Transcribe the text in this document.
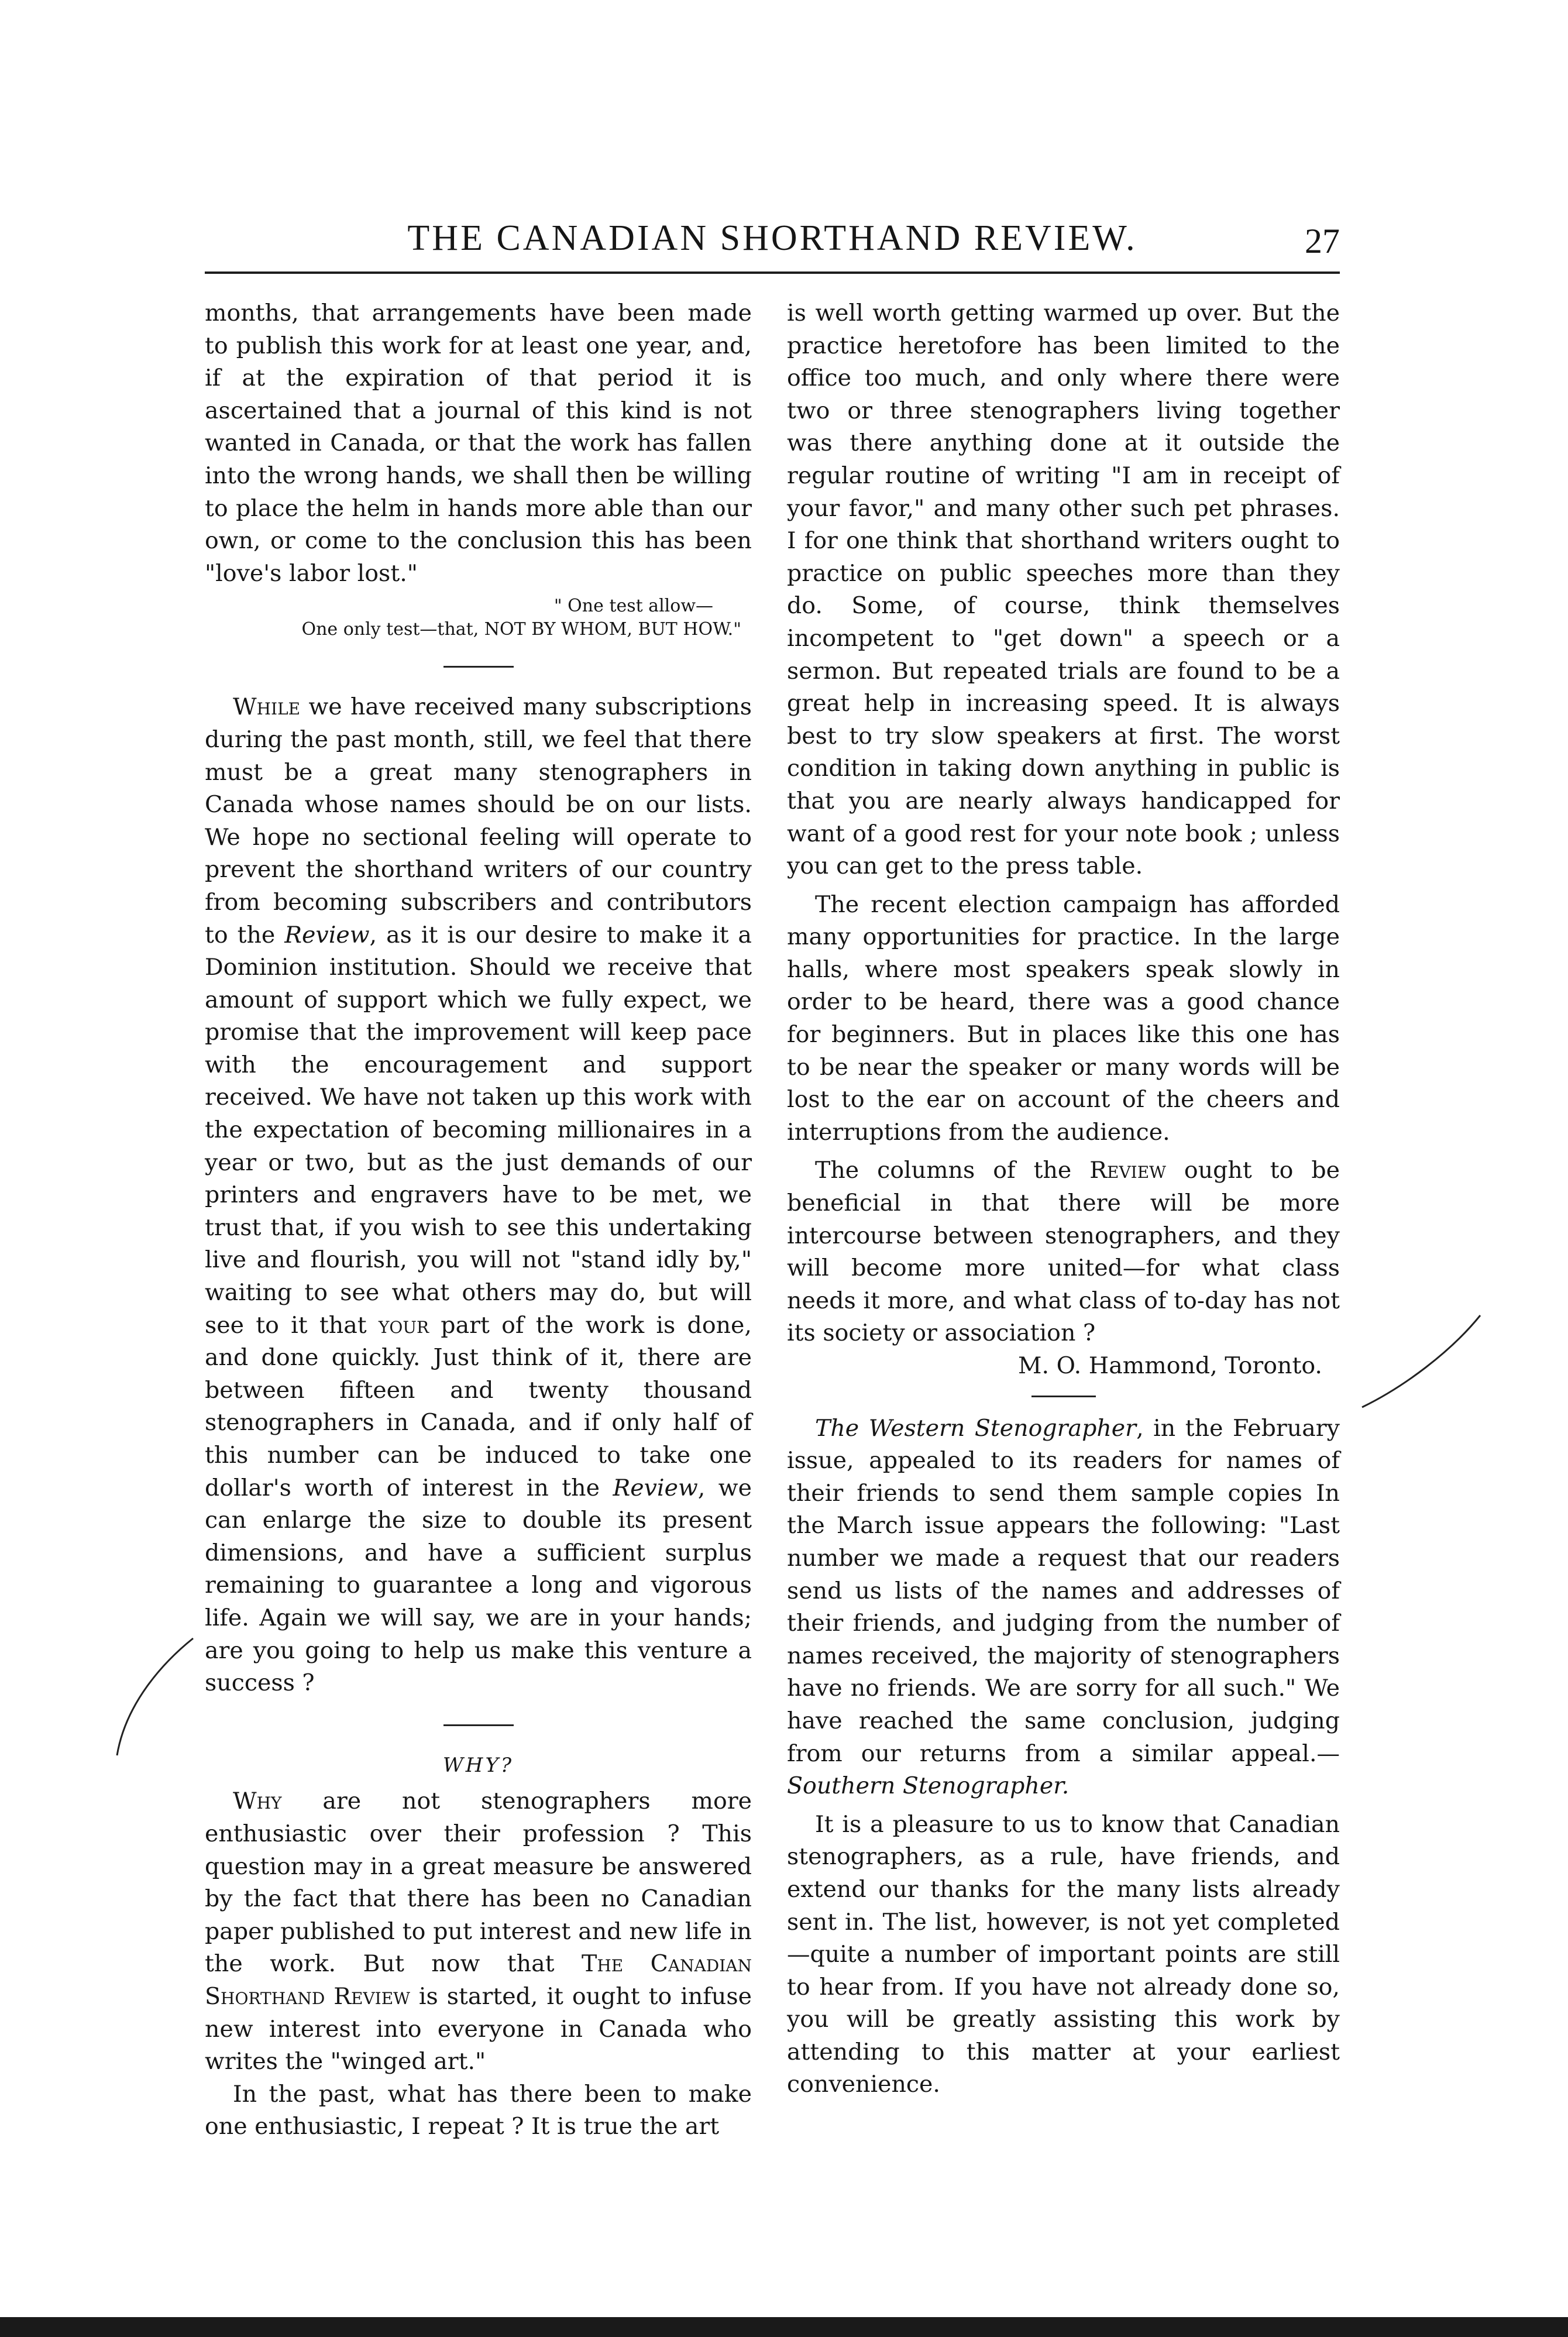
THE CANADIAN SHORTHAND REVIEW.	27

months, that arrangements have been made to publish this work for at least one year, and, if at the expiration of that period it is ascertained that a journal of this kind is not wanted in Canada, or that the work has fallen into the wrong hands, we shall then be willing to place the helm in hands more able than our own, or come to the conclusion this has been "love's labor lost."

" One test allow—
One only test—that, NOT BY WHOM, BUT HOW."

While we have received many subscriptions during the past month, still, we feel that there must be a great many stenographers in Canada whose names should be on our lists. We hope no sectional feeling will operate to prevent the shorthand writers of our country from becoming subscribers and contributors to the Review, as it is our desire to make it a Dominion institution. Should we receive that amount of support which we fully expect, we promise that the improvement will keep pace with the encouragement and support received. We have not taken up this work with the expectation of becoming millionaires in a year or two, but as the just demands of our printers and engravers have to be met, we trust that, if you wish to see this undertaking live and flourish, you will not "stand idly by," waiting to see what others may do, but will see to it that your part of the work is done, and done quickly. Just think of it, there are between fifteen and twenty thousand stenographers in Canada, and if only half of this number can be induced to take one dollar's worth of interest in the Review, we can enlarge the size to double its present dimensions, and have a sufficient surplus remaining to guarantee a long and vigorous life. Again we will say, we are in your hands; are you going to help us make this venture a success ?

WHY?

Why are not stenographers more enthusiastic over their profession ? This question may in a great measure be answered by the fact that there has been no Canadian paper published to put interest and new life in the work. But now that The Canadian Shorthand Review is started, it ought to infuse new interest into everyone in Canada who writes the "winged art."

In the past, what has there been to make one enthusiastic, I repeat ? It is true the art

is well worth getting warmed up over. But the practice heretofore has been limited to the office too much, and only where there were two or three stenographers living together was there anything done at it outside the regular routine of writing "I am in receipt of your favor," and many other such pet phrases. I for one think that shorthand writers ought to practice on public speeches more than they do. Some, of course, think themselves incompetent to "get down" a speech or a sermon. But repeated trials are found to be a great help in increasing speed. It is always best to try slow speakers at first. The worst condition in taking down anything in public is that you are nearly always handicapped for want of a good rest for your note book ; unless you can get to the press table.

The recent election campaign has afforded many opportunities for practice. In the large halls, where most speakers speak slowly in order to be heard, there was a good chance for beginners. But in places like this one has to be near the speaker or many words will be lost to the ear on account of the cheers and interruptions from the audience.

The columns of the Review ought to be beneficial in that there will be more intercourse between stenographers, and they will become more united—for what class needs it more, and what class of to-day has not its society or association ?

M. O. Hammond, Toronto.

The Western Stenographer, in the February issue, appealed to its readers for names of their friends to send them sample copies In the March issue appears the following: "Last number we made a request that our readers send us lists of the names and addresses of their friends, and judging from the number of names received, the majority of stenographers have no friends. We are sorry for all such." We have reached the same conclusion, judging from our returns from a similar appeal.—Southern Stenographer.

It is a pleasure to us to know that Canadian stenographers, as a rule, have friends, and extend our thanks for the many lists already sent in. The list, however, is not yet completed—quite a number of important points are still to hear from. If you have not already done so, you will be greatly assisting this work by attending to this matter at your earliest convenience.
